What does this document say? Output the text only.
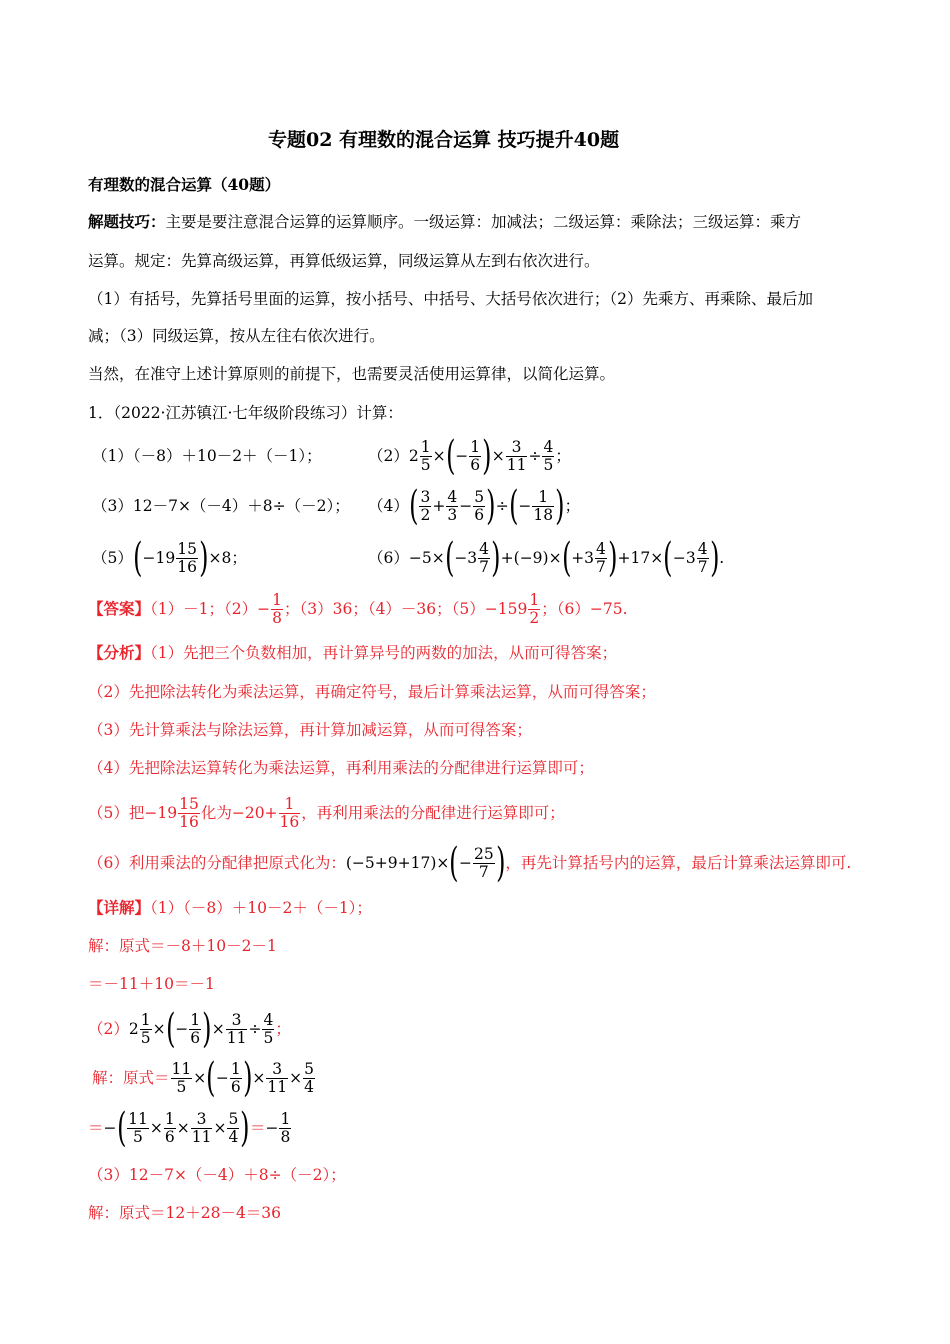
专题02 有理数的混合运算 技巧提升40题
有理数的混合运算（40题）
解题技巧：主要是要注意混合运算的运算顺序。一级运算：加减法；二级运算：乘除法；三级运算：乘方
运算。规定：先算高级运算，再算低级运算，同级运算从左到右依次进行。
（1）有括号，先算括号里面的运算，按小括号、中括号、大括号依次进行；（2）先乘方、再乘除、最后加
减；（3）同级运算，按从左往右依次进行。
当然，在准守上述计算原则的前提下，也需要灵活使用运算律，以简化运算。
1．（2022·江苏镇江·七年级阶段练习）计算：
（1）（－8）＋10－2＋（－1）；	$(2)2 \frac{1}{5}$ ×(− $\frac{1}{6}$ )× $\frac{3}{11} \div \frac{4}{5}$ ；
（3）12－7×（－4）＋8÷（－2）； $(4)( \frac{3}{2} + \frac{4}{3} - \frac{5}{6}$ )÷(− $\frac{1}{18}$ )；
$(5)(-19 \frac{15}{16} )\times 8$；	$(6)-5\times(-3 \frac{4}{7} )+(-9)\times(+3 \frac{4}{7} )+17\times(-3 \frac{4}{7}$ ).
【答案】（1）－1；$(2)- \frac{1}{8}$ ；（3）36；（4）－36；$(5)-159 \frac{1}{2}$ ；（6）−75.
【分析】（1）先把三个负数相加，再计算异号的两数的加法，从而可得答案；
（2）先把除法转化为乘法运算，再确定符号，最后计算乘法运算，从而可得答案；
（3）先计算乘法与除法运算，再计算加减运算，从而可得答案；
（4）先把除法运算转化为乘法运算，再利用乘法的分配律进行运算即可；
（5）把$-19 \frac{15}{16}$ 化为$-20+ \frac{1}{16}$ ，再利用乘法的分配律进行运算即可；
（6）利用乘法的分配律把原式化为：$(-5+9+17)\times(- \frac{25}{7}$ )，再先计算括号内的运算，最后计算乘法运算即可.
【详解】（1）（－8）＋10－2＋（－1）；
解：原式＝－8＋10－2－1
＝－11＋10＝－1
$(2)2 \frac{1}{5}$ ×(− $\frac{1}{6}$ )× $\frac{3}{11} \div \frac{4}{5}$ ；
解：原式＝ $\frac{11}{5}$ ×(− $\frac{1}{6}$ )× $\frac{3}{11} \times \frac{5}{4}$
＝−( $\frac{11}{5} \times \frac{1}{6} \times \frac{3}{11} \times \frac{5}{4}$ )＝− $\frac{1}{8}$
（3）12－7×（－4）＋8÷（－2）；
解：原式＝12＋28－4＝36
